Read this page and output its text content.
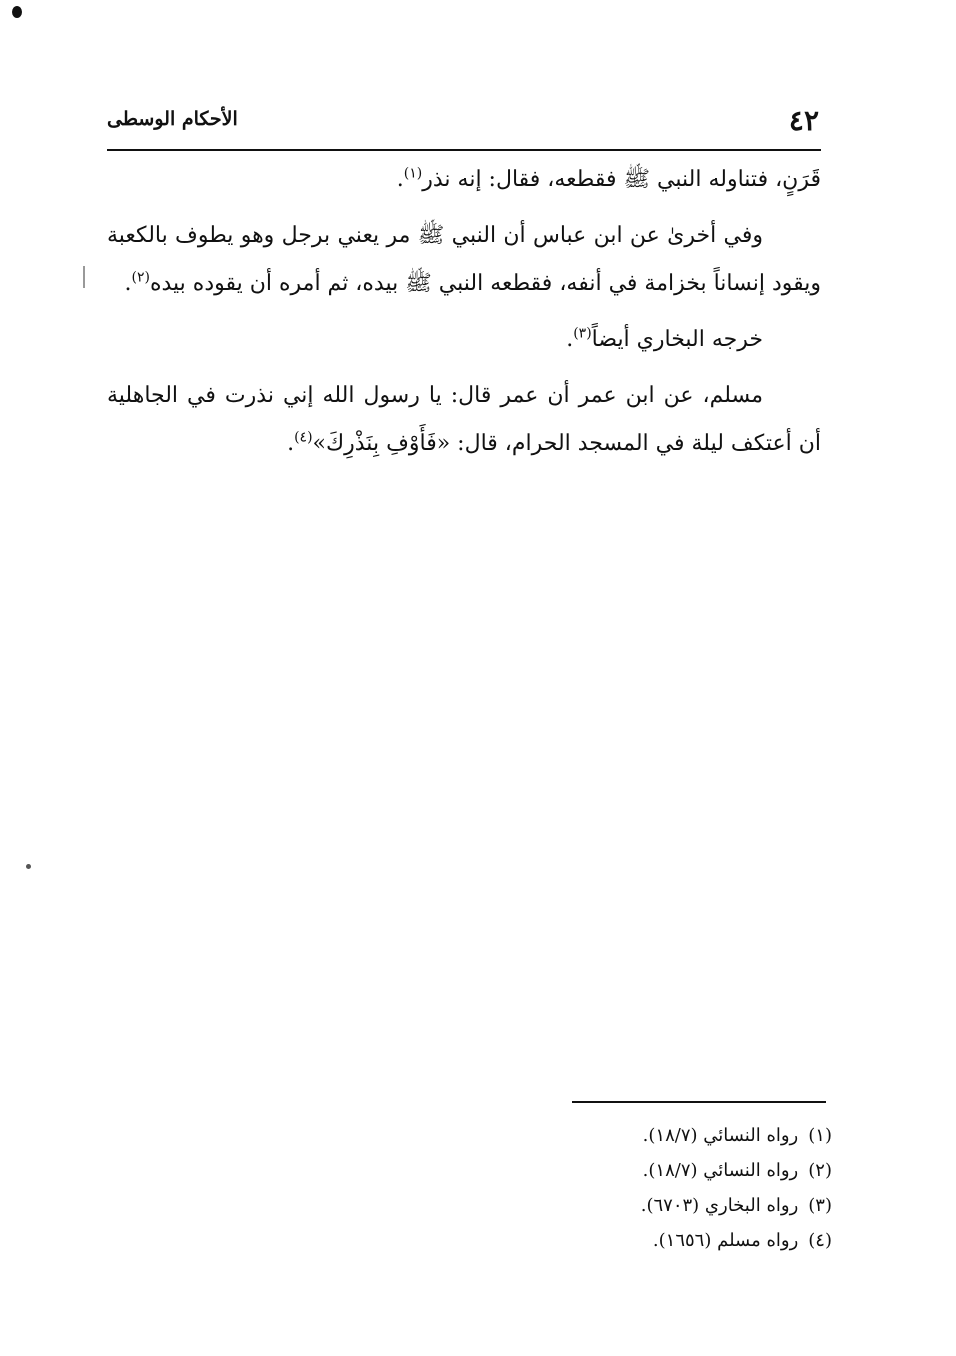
٤٢
الأحكام الوسطى

قَرَنٍ، فتناوله النبي ﷺ فقطعه، فقال: إنه نذر$^{(١)}$.

وفي أخرىٰ عن ابن عباس أن النبي ﷺ مر يعني برجل وهو يطوف بالكعبة ويقود إنساناً بخزامة في أنفه، فقطعه النبي ﷺ بيده، ثم أمره أن يقوده بيده$^{(٢)}$.

خرجه البخاري أيضاً$^{(٣)}$.

مسلم، عن ابن عمر أن عمر قال: يا رسول الله إني نذرت في الجاهلية أن أعتكف ليلة في المسجد الحرام، قال: «فَأَوْفِ بِنَذْرِكَ»$^{(٤)}$.

(١)رواه النسائي (١٨/٧).
(٢)رواه النسائي (١٨/٧).
(٣)رواه البخاري (٦٧٠٣).
(٤)رواه مسلم (١٦٥٦).
